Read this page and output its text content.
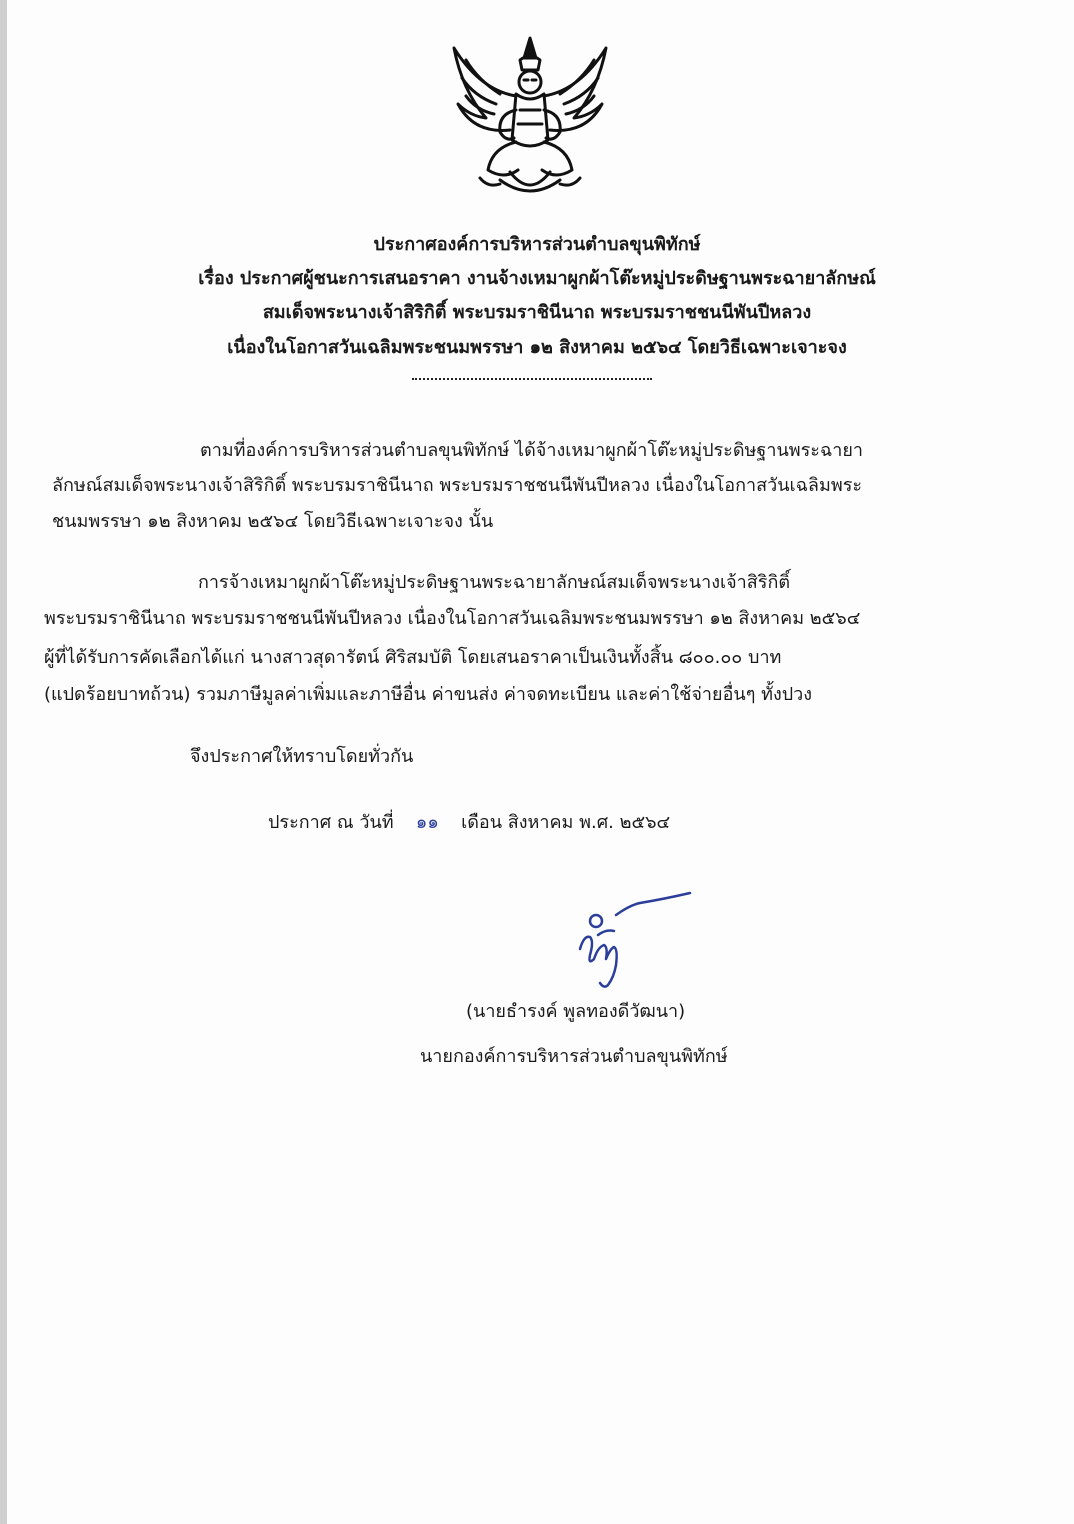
ประกาศองค์การบริหารส่วนตำบลขุนพิทักษ์
เรื่อง ประกาศผู้ชนะการเสนอราคา งานจ้างเหมาผูกผ้าโต๊ะหมู่ประดิษฐานพระฉายาลักษณ์
สมเด็จพระนางเจ้าสิริกิติ์ พระบรมราชินีนาถ พระบรมราชชนนีพันปีหลวง
เนื่องในโอกาสวันเฉลิมพระชนมพรรษา ๑๒ สิงหาคม ๒๕๖๔ โดยวิธีเฉพาะเจาะจง
ตามที่องค์การบริหารส่วนตำบลขุนพิทักษ์ ได้จ้างเหมาผูกผ้าโต๊ะหมู่ประดิษฐานพระฉายา
ลักษณ์สมเด็จพระนางเจ้าสิริกิติ์ พระบรมราชินีนาถ พระบรมราชชนนีพันปีหลวง เนื่องในโอกาสวันเฉลิมพระ
ชนมพรรษา ๑๒ สิงหาคม ๒๕๖๔ โดยวิธีเฉพาะเจาะจง นั้น
การจ้างเหมาผูกผ้าโต๊ะหมู่ประดิษฐานพระฉายาลักษณ์สมเด็จพระนางเจ้าสิริกิติ์
พระบรมราชินีนาถ พระบรมราชชนนีพันปีหลวง เนื่องในโอกาสวันเฉลิมพระชนมพรรษา ๑๒ สิงหาคม ๒๕๖๔
ผู้ที่ได้รับการคัดเลือกได้แก่ นางสาวสุดารัตน์ ศิริสมบัติ โดยเสนอราคาเป็นเงินทั้งสิ้น ๘๐๐.๐๐ บาท
(แปดร้อยบาทถ้วน) รวมภาษีมูลค่าเพิ่มและภาษีอื่น ค่าขนส่ง ค่าจดทะเบียน และค่าใช้จ่ายอื่นๆ ทั้งปวง
จึงประกาศให้ทราบโดยทั่วกัน
ประกาศ ณ วันที่ ๑๑ เดือน สิงหาคม พ.ศ. ๒๕๖๔
(นายธำรงค์ พูลทองดีวัฒนา)
นายกองค์การบริหารส่วนตำบลขุนพิทักษ์
